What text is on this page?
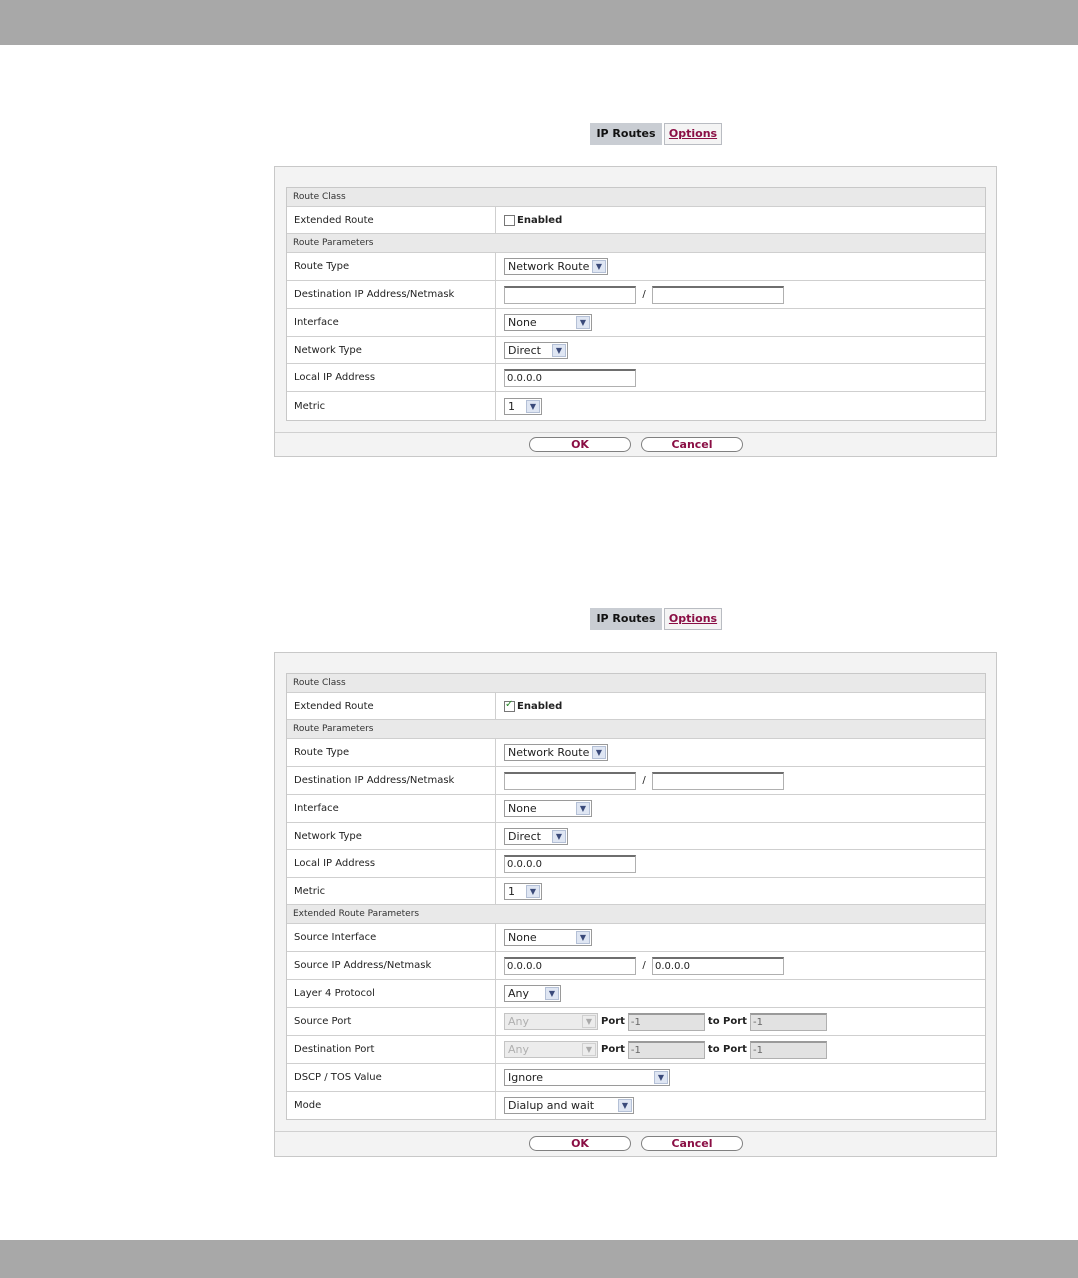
IP Routes	Options
Route Class
Extended Route	Enabled
Route Parameters
Route Type	Network Route ▼
Destination IP Address/Netmask	/
Interface	None	▼
Network Type	Direct	▼
Local IP Address
0.0.0.0
Metric	1	▼
OK	Cancel
IP Routes	Options
Route Class
Extended Route
✓	Enabled
Route Parameters
Route Type	Network Route ▼
Destination IP Address/Netmask	/
Interface	None	▼
Network Type	Direct	▼
Local IP Address
0.0.0.0
Metric	1	▼
Extended Route Parameters
Source Interface	None	▼
Source IP Address/Netmask
0.0.0.0	/
0.0.0.0
Layer 4 Protocol	Any	▼
Source Port	Any	▼ Port
-1	to Port
-1
Destination Port	Any	▼ Port
-1	to Port
-1
DSCP / TOS Value	Ignore	▼
Mode	Dialup and wait	▼
OK	Cancel
